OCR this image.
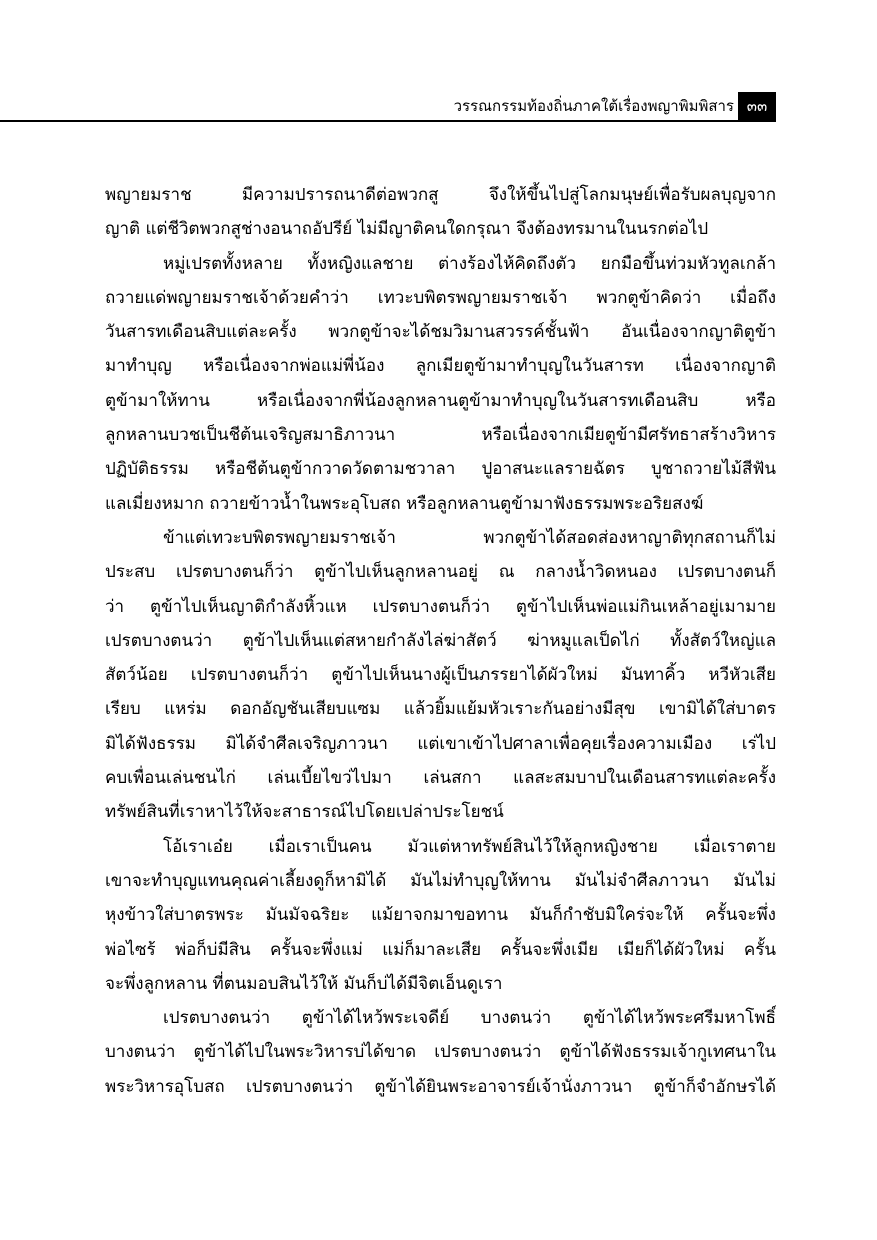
วรรณกรรมท้องถิ่นภาคใต้เรื่องพญาพิมพิสาร ๓๓
พญายมราช มีความปรารถนาดีต่อพวกสู จึงให้ขึ้นไปสู่โลกมนุษย์เพื่อรับผลบุญจาก
ญาติ แต่ชีวิตพวกสูช่างอนาถอัปรีย์ ไม่มีญาติคนใดกรุณา จึงต้องทรมานในนรกต่อไป
หมู่เปรตทั้งหลาย ทั้งหญิงแลชาย ต่างร้องไห้คิดถึงตัว ยกมือขึ้นท่วมหัวทูลเกล้า
ถวายแด่พญายมราชเจ้าด้วยคำว่า เทวะบพิตรพญายมราชเจ้า พวกตูข้าคิดว่า เมื่อถึง
วันสารทเดือนสิบแต่ละครั้ง พวกตูข้าจะได้ชมวิมานสวรรค์ชั้นฟ้า อันเนื่องจากญาติตูข้า
มาทำบุญ หรือเนื่องจากพ่อแม่พี่น้อง ลูกเมียตูข้ามาทำบุญในวันสารท เนื่องจากญาติ
ตูข้ามาให้ทาน หรือเนื่องจากพี่น้องลูกหลานตูข้ามาทำบุญในวันสารทเดือนสิบ หรือ
ลูกหลานบวชเป็นชีต้นเจริญสมาธิภาวนา หรือเนื่องจากเมียตูข้ามีศรัทธาสร้างวิหาร
ปฏิบัติธรรม หรือชีต้นตูข้ากวาดวัดตามชวาลา ปูอาสนะแลรายฉัตร บูชาถวายไม้สีฟัน
แลเมี่ยงหมาก ถวายข้าวน้ำในพระอุโบสถ หรือลูกหลานตูข้ามาฟังธรรมพระอริยสงฆ์
ข้าแต่เทวะบพิตรพญายมราชเจ้า พวกตูข้าได้สอดส่องหาญาติทุกสถานก็ไม่
ประสบ เปรตบางตนก็ว่า ตูข้าไปเห็นลูกหลานอยู่ ณ กลางน้ำวิดหนอง เปรตบางตนก็
ว่า ตูข้าไปเห็นญาติกำลังหิ้วแห เปรตบางตนก็ว่า ตูข้าไปเห็นพ่อแม่กินเหล้าอยู่เมามาย
เปรตบางตนว่า ตูข้าไปเห็นแต่สหายกำลังไล่ฆ่าสัตว์ ฆ่าหมูแลเป็ดไก่ ทั้งสัตว์ใหญ่แล
สัตว์น้อย เปรตบางตนก็ว่า ตูข้าไปเห็นนางผู้เป็นภรรยาได้ผัวใหม่ มันทาคิ้ว หวีหัวเสีย
เรียบ แหร่ม ดอกอัญชันเสียบแซม แล้วยิ้มแย้มหัวเราะกันอย่างมีสุข เขามิได้ใส่บาตร
มิได้ฟังธรรม มิได้จำศีลเจริญภาวนา แต่เขาเข้าไปศาลาเพื่อคุยเรื่องความเมือง เร่ไป
คบเพื่อนเล่นชนไก่ เล่นเบี้ยไขว่ไปมา เล่นสกา แลสะสมบาปในเดือนสารทแต่ละครั้ง
ทรัพย์สินที่เราหาไว้ให้จะสาธารณ์ไปโดยเปล่าประโยชน์
โอ้เราเอ๋ย เมื่อเราเป็นคน มัวแต่หาทรัพย์สินไว้ให้ลูกหญิงชาย เมื่อเราตาย
เขาจะทำบุญแทนคุณค่าเลี้ยงดูก็หามิได้ มันไม่ทำบุญให้ทาน มันไม่จำศีลภาวนา มันไม่
หุงข้าวใส่บาตรพระ มันมัจฉริยะ แม้ยาจกมาขอทาน มันก็กำชับมิใคร่จะให้ ครั้นจะพึ่ง
พ่อไซร้ พ่อก็บ่มีสิน ครั้นจะพึ่งแม่ แม่ก็มาละเสีย ครั้นจะพึ่งเมีย เมียก็ได้ผัวใหม่ ครั้น
จะพึ่งลูกหลาน ที่ตนมอบสินไว้ให้ มันก็บ่ได้มีจิตเอ็นดูเรา
เปรตบางตนว่า ตูข้าได้ไหว้พระเจดีย์ บางตนว่า ตูข้าได้ไหว้พระศรีมหาโพธิ์
บางตนว่า ตูข้าได้ไปในพระวิหารบ่ได้ขาด เปรตบางตนว่า ตูข้าได้ฟังธรรมเจ้ากูเทศนาใน
พระวิหารอุโบสถ เปรตบางตนว่า ตูข้าได้ยินพระอาจารย์เจ้านั่งภาวนา ตูข้าก็จำอักษรได้
